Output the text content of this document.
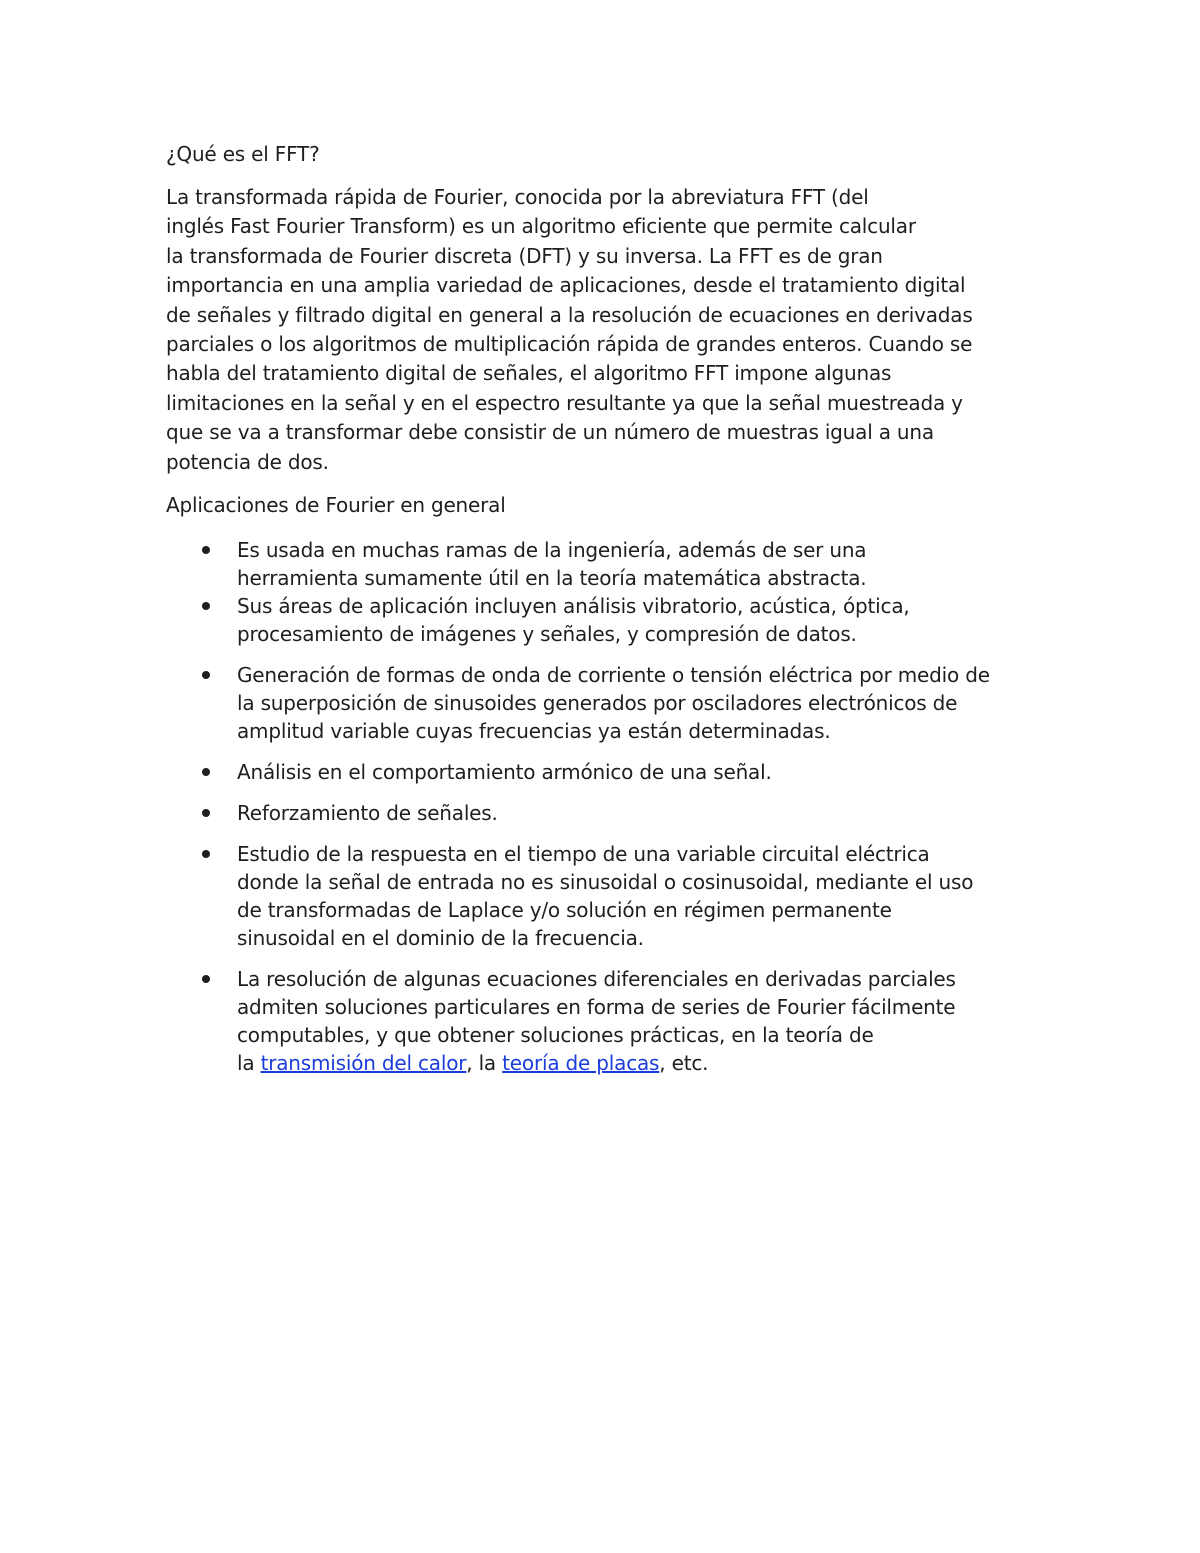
¿Qué es el FFT?
La transformada rápida de Fourier, conocida por la abreviatura FFT (del
inglés Fast Fourier Transform) es un algoritmo eficiente que permite calcular
la transformada de Fourier discreta (DFT) y su inversa. La FFT es de gran
importancia en una amplia variedad de aplicaciones, desde el tratamiento digital
de señales y filtrado digital en general a la resolución de ecuaciones en derivadas
parciales o los algoritmos de multiplicación rápida de grandes enteros. Cuando se
habla del tratamiento digital de señales, el algoritmo FFT impone algunas
limitaciones en la señal y en el espectro resultante ya que la señal muestreada y
que se va a transformar debe consistir de un número de muestras igual a una
potencia de dos.
Aplicaciones de Fourier en general
Es usada en muchas ramas de la ingeniería, además de ser una
herramienta sumamente útil en la teoría matemática abstracta.
Sus áreas de aplicación incluyen análisis vibratorio, acústica, óptica,
procesamiento de imágenes y señales, y compresión de datos.
Generación de formas de onda de corriente o tensión eléctrica por medio de
la superposición de sinusoides generados por osciladores electrónicos de
amplitud variable cuyas frecuencias ya están determinadas.
Análisis en el comportamiento armónico de una señal.
Reforzamiento de señales.
Estudio de la respuesta en el tiempo de una variable circuital eléctrica
donde la señal de entrada no es sinusoidal o cosinusoidal, mediante el uso
de transformadas de Laplace y/o solución en régimen permanente
sinusoidal en el dominio de la frecuencia.
La resolución de algunas ecuaciones diferenciales en derivadas parciales
admiten soluciones particulares en forma de series de Fourier fácilmente
computables, y que obtener soluciones prácticas, en la teoría de
la transmisión del calor, la teoría de placas, etc.
